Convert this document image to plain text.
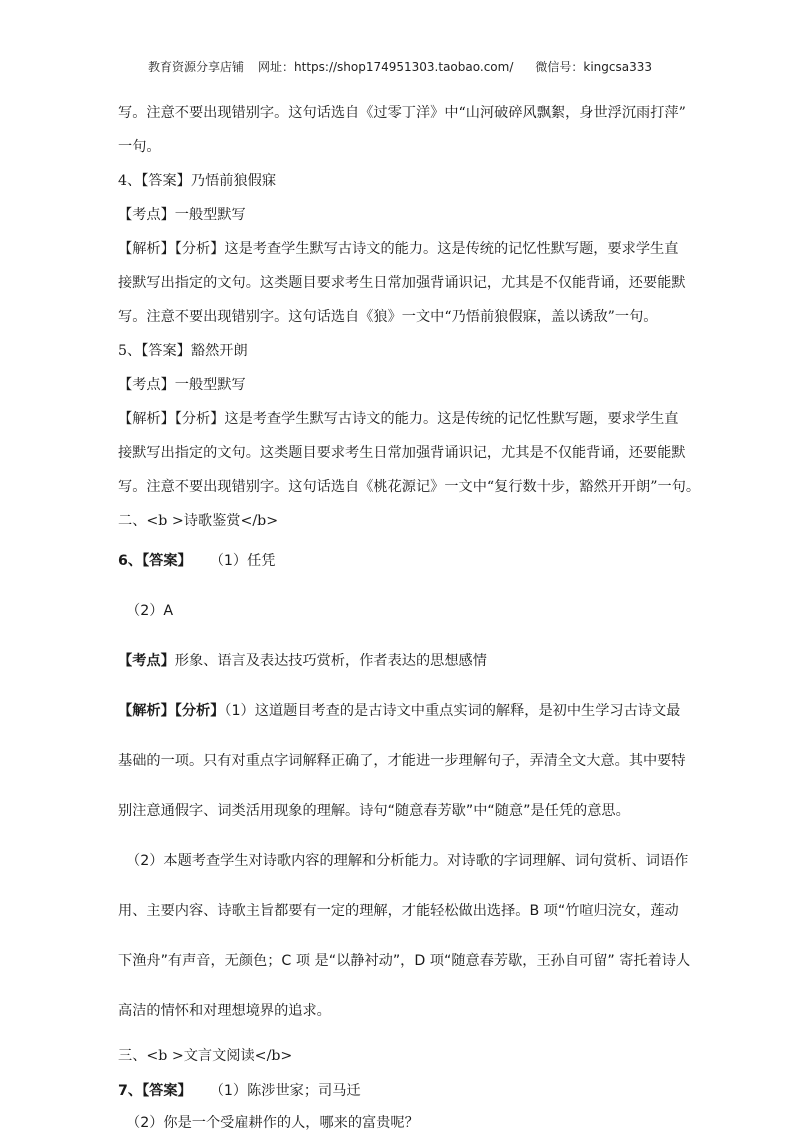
教育资源分享店铺 网址：https://shop174951303.taobao.com/ 微信号：kingcsa333
写。注意不要出现错别字。这句话选自《过零丁洋》中“山河破碎风飘絮，身世浮沉雨打萍”
一句。
4、【答案】乃悟前狼假寐
【考点】一般型默写
【解析】【分析】这是考查学生默写古诗文的能力。这是传统的记忆性默写题，要求学生直
接默写出指定的文句。这类题目要求考生日常加强背诵识记，尤其是不仅能背诵，还要能默
写。注意不要出现错别字。这句话选自《狼》一文中“乃悟前狼假寐，盖以诱敌”一句。
5、【答案】豁然开朗
【考点】一般型默写
【解析】【分析】这是考查学生默写古诗文的能力。这是传统的记忆性默写题，要求学生直
接默写出指定的文句。这类题目要求考生日常加强背诵识记，尤其是不仅能背诵，还要能默
写。注意不要出现错别字。这句话选自《桃花源记》一文中“复行数十步，豁然开开朗”一句。
二、<b >诗歌鉴赏</b>
6、【答案】 （1）任凭
（2）A
【考点】形象、语言及表达技巧赏析，作者表达的思想感情
【解析】【分析】（1）这道题目考查的是古诗文中重点实词的解释，是初中生学习古诗文最
基础的一项。只有对重点字词解释正确了，才能进一步理解句子，弄清全文大意。其中要特
别注意通假字、词类活用现象的理解。诗句“随意春芳歇”中“随意”是任凭的意思。
（2）本题考查学生对诗歌内容的理解和分析能力。对诗歌的字词理解、词句赏析、词语作
用、主要内容、诗歌主旨都要有一定的理解，才能轻松做出选择。B 项“竹喧归浣女，莲动
下渔舟”有声音，无颜色；C 项 是“以静衬动”，D 项“随意春芳歇，王孙自可留” 寄托着诗人
高洁的情怀和对理想境界的追求。
三、<b >文言文阅读</b>
7、【答案】 （1）陈涉世家；司马迁
（2）你是一个受雇耕作的人，哪来的富贵呢？
